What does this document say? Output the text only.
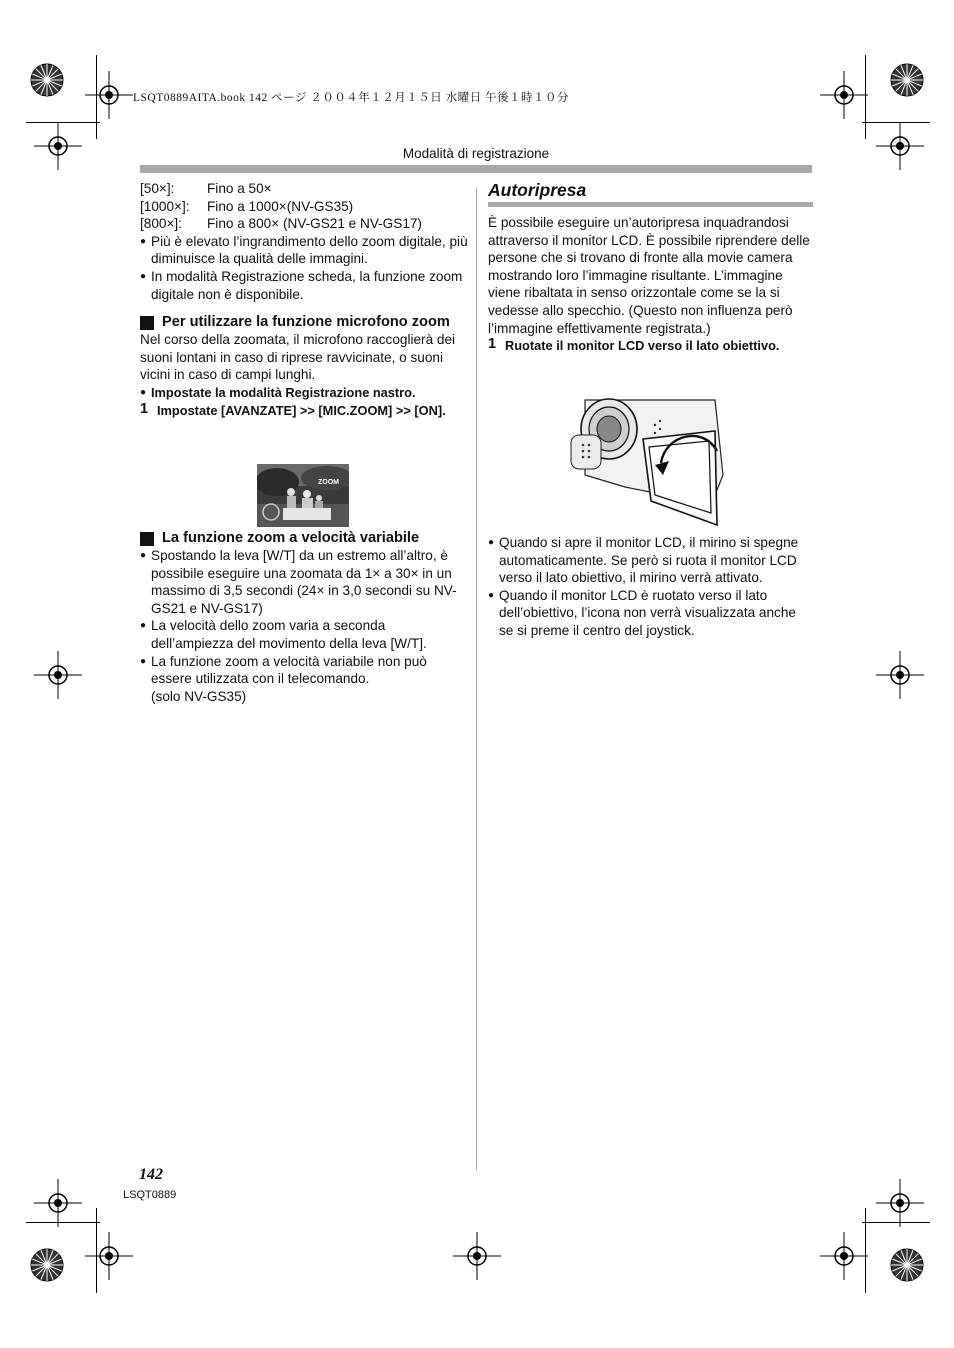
LSQT0889AITA.book 142 ページ ２００４年１２月１５日 水曜日 午後１時１０分
Modalità di registrazione
[50×]:	Fino a 50×
[1000×]:	Fino a 1000×(NV-GS35)
[800×]:	Fino a 800× (NV-GS21 e NV-GS17)

● Più è elevato l’ingrandimento dello zoom digitale, più diminuisce la qualità delle immagini.

● In modalità Registrazione scheda, la funzione zoom digitale non è disponibile.

Per utilizzare la funzione microfono zoom

Nel corso della zoomata, il microfono raccoglierà dei suoni lontani in caso di riprese ravvicinate, o suoni vicini in caso di campi lunghi.

● Impostate la modalità Registrazione nastro.

1 Impostate [AVANZATE] >> [MIC.ZOOM] >> [ON].

ZOOM

La funzione zoom a velocità variabile

● Spostando la leva [W/T] da un estremo all’altro, è possibile eseguire una zoomata da 1× a 30× in un massimo di 3,5 secondi (24× in 3,0 secondi su NV-GS21 e NV-GS17)

● La velocità dello zoom varia a seconda dell’ampiezza del movimento della leva [W/T].

● La funzione zoom a velocità variabile non può essere utilizzata con il telecomando.

(solo NV-GS35)

Autoripresa

È possibile eseguire un’autoripresa inquadrandosi attraverso il monitor LCD. È possibile riprendere delle persone che si trovano di fronte alla movie camera mostrando loro l’immagine risultante. L’immagine viene ribaltata in senso orizzontale come se la si vedesse allo specchio. (Questo non influenza però l’immagine effettivamente registrata.)

1 Ruotate il monitor LCD verso il lato obiettivo.

● Quando si apre il monitor LCD, il mirino si spegne automaticamente. Se però si ruota il monitor LCD verso il lato obiettivo, il mirino verrà attivato.

● Quando il monitor LCD è ruotato verso il lato dell’obiettivo, l’icona non verrà visualizzata anche se si preme il centro del joystick.

142
LSQT0889
